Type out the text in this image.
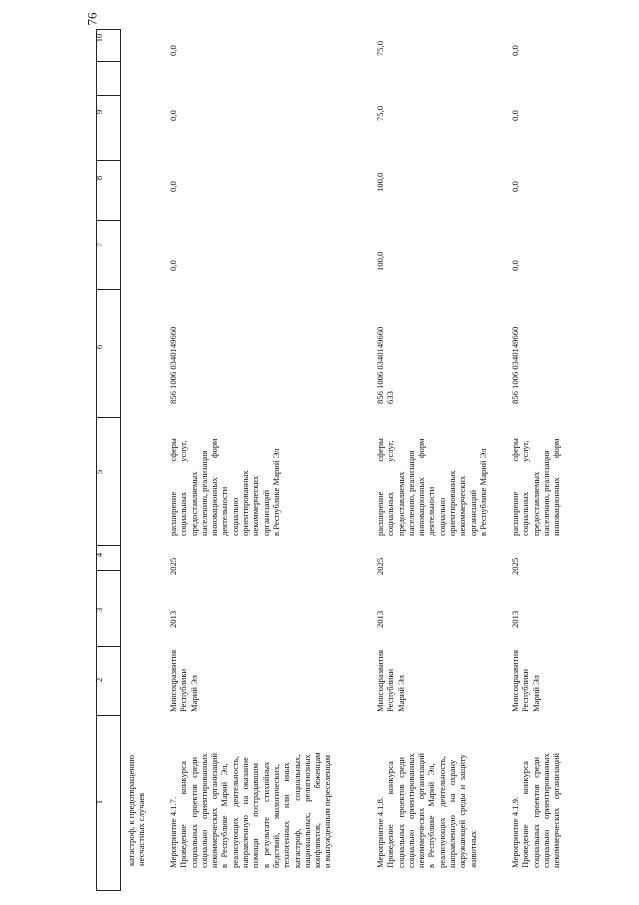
76
10
9
8
7
6
5
4
3
2
1
катастроф, к предотвращению
несчастных случаев
Мероприятие 4.1.7.
Проведение              конкурса
социальных   проектов   среди
социально     ориентированных
некоммерческих    организаций
в   Республике    Марий   Эл,
реализующих     деятельность,
направленную     на   оказание
помощи          пострадавшим
в    результате       стихийных
бедствий,      экологических,
техногенных      или      иных
катастроф,             социальных,
национальных,     религиозных
конфликтов,                беженцам
и вынужденным переселенцам
Минсоцразвития
Республики
Марий Эл
2013
2025
расширение              сферы
социальных              услуг,
предоставляемых
населению, реализация
инновационных         форм
деятельности
социально
ориентированных
некоммерческих
организаций
в Республике Марий Эл
856 1006 0340149660
0,0
0,0
0,0
0,0
Мероприятие 4.1.8.
Проведение              конкурса
социальных   проектов   среди
социально     ориентированных
некоммерческих    организаций
в   Республике    Марий   Эл,
реализующих     деятельность,
направленную      на    охрану
окружающей  среды  и  защиту
животных
Минсоцразвития
Республики
Марий Эл
2013
2025
расширение              сферы
социальных              услуг,
предоставляемых
населению, реализация
инновационных         форм
деятельности
социально
ориентированных
некоммерческих
организаций
в Республике Марий Эл
856 1006 0340149660
633
100,0
100,0
75,0
75,0
Мероприятие 4.1.9.
Проведение              конкурса
социальных   проектов   среди
социально     ориентированных
некоммерческих    организаций
Минсоцразвития
Республики
Марий Эл
2013
2025
расширение              сферы
социальных              услуг,
предоставляемых
населению, реализация
инновационных         форм
856 1006 0340149660
0,0
0,0
0,0
0,0
